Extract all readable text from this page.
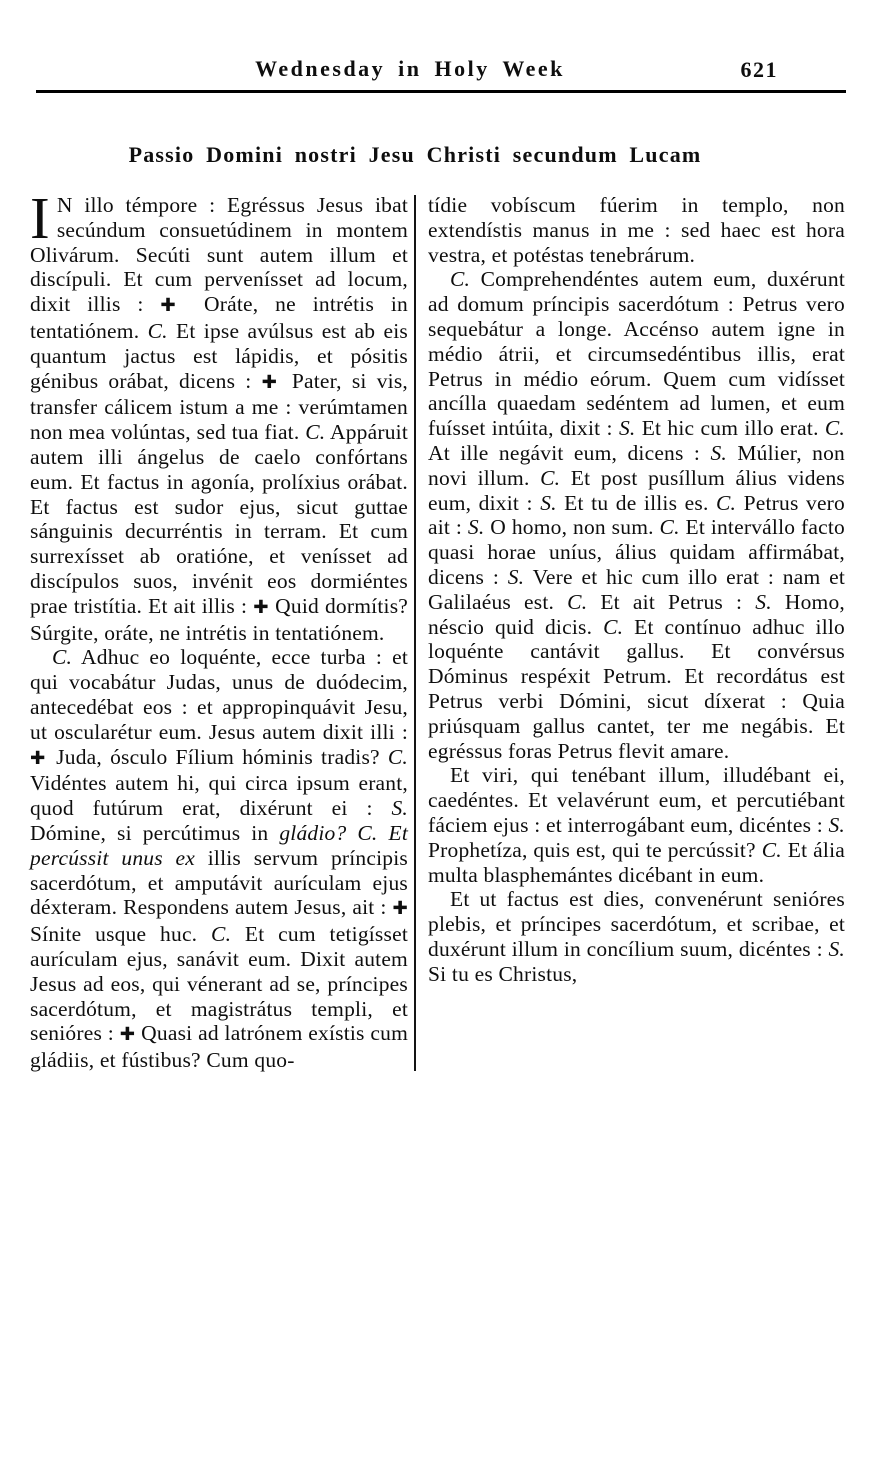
Wednesday in Holy Week	621
Passio Domini nostri Jesu Christi secundum Lucam

I N illo témpore : Egréssus Jesus ibat secúndum consuetúdinem in montem Olivárum. Secúti sunt autem illum et discípuli. Et cum pervenísset ad locum, dixit illis : ✚ Oráte, ne intrétis in tentatiónem. C. Et ipse avúlsus est ab eis quantum jactus est lápidis, et pósitis génibus orábat, dicens : ✚ Pater, si vis, transfer cálicem istum a me : verúmtamen non mea volúntas, sed tua fiat. C. Appáruit autem illi ángelus de caelo confórtans eum. Et factus in agonía, prolíxius orábat. Et factus est sudor ejus, sicut guttae sánguinis decurréntis in terram. Et cum surrexísset ab oratióne, et venísset ad discípulos suos, invénit eos dormiéntes prae tristítia. Et ait illis : ✚ Quid dormítis? Súrgite, oráte, ne intrétis in tentatiónem.

C. Adhuc eo loquénte, ecce turba : et qui vocabátur Judas, unus de duódecim, antecedébat eos : et appropinquávit Jesu, ut oscularétur eum. Jesus autem dixit illi : ✚ Juda, ósculo Fílium hóminis tradis? C. Vidéntes autem hi, qui circa ipsum erant, quod futúrum erat, dixérunt ei : S. Dómine, si percútimus in gládio? C. Et percússit unus ex illis servum príncipis sacerdótum, et amputávit aurículam ejus déxteram. Respondens autem Jesus, ait : ✚ Sínite usque huc. C. Et cum tetigísset aurículam ejus, sanávit eum. Dixit autem Jesus ad eos, qui vénerant ad se, príncipes sacerdótum, et magistrátus templi, et senióres : ✚ Quasi ad latrónem exístis cum gládiis, et fústibus? Cum quo-

tídie vobíscum fúerim in templo, non extendístis manus in me : sed haec est hora vestra, et potéstas tenebrárum.

C. Comprehendéntes autem eum, duxérunt ad domum príncipis sacerdótum : Petrus vero sequebátur a longe. Accénso autem igne in médio átrii, et circumsedéntibus illis, erat Petrus in médio eórum. Quem cum vidísset ancílla quaedam sedéntem ad lumen, et eum fuísset intúita, dixit : S. Et hic cum illo erat. C. At ille negávit eum, dicens : S. Múlier, non novi illum. C. Et post pusíllum álius videns eum, dixit : S. Et tu de illis es. C. Petrus vero ait : S. O homo, non sum. C. Et intervállo facto quasi horae uníus, álius quidam affirmábat, dicens : S. Vere et hic cum illo erat : nam et Galilaéus est. C. Et ait Petrus : S. Homo, néscio quid dicis. C. Et contínuo adhuc illo loquénte cantávit gallus. Et convérsus Dóminus respéxit Petrum. Et recordátus est Petrus verbi Dómini, sicut díxerat : Quia priúsquam gallus cantet, ter me negábis. Et egréssus foras Petrus flevit amare.

Et viri, qui tenébant illum, illudébant ei, caedéntes. Et velavérunt eum, et percutiébant fáciem ejus : et interrogábant eum, dicéntes : S. Prophetíza, quis est, qui te percússit? C. Et ália multa blasphemántes dicébant in eum.

Et ut factus est dies, convenérunt senióres plebis, et príncipes sacerdótum, et scribae, et duxérunt illum in concílium suum, dicéntes : S. Si tu es Christus,
